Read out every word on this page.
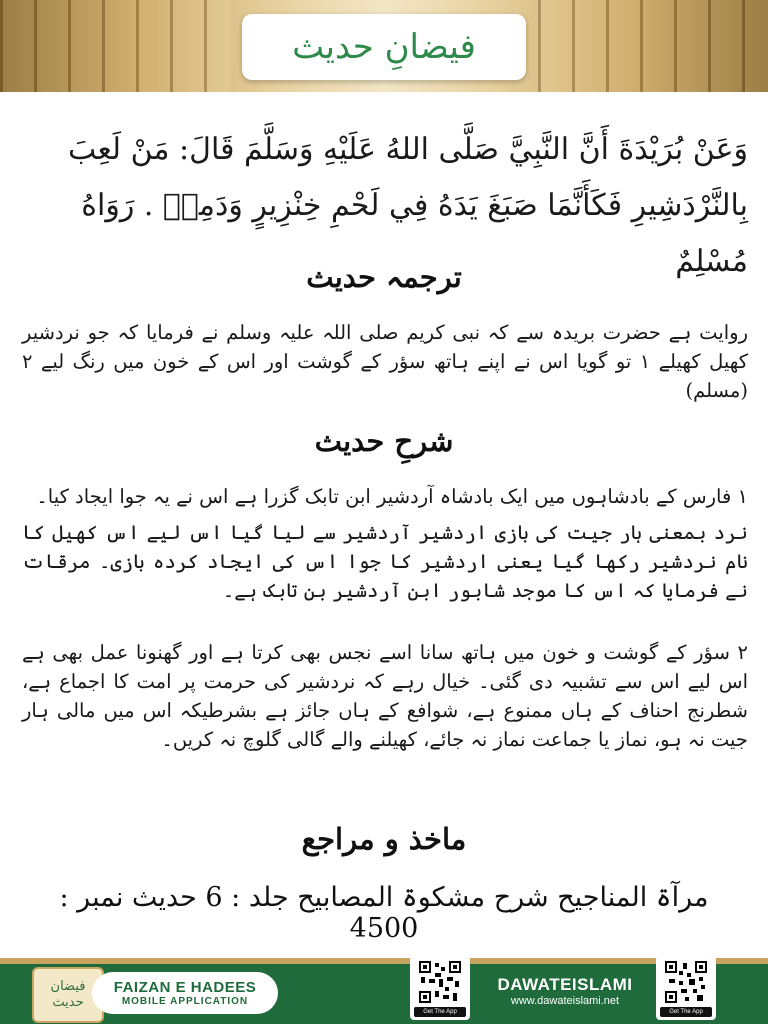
فیضانِ حدیث

وَعَنْ بُرَيْدَةَ أَنَّ النَّبِيَّ صَلَّى اللهُ عَلَيْهِ وَسَلَّمَ قَالَ: مَنْ لَعِبَ بِالنَّرْدَشِيرِ فَكَأَنَّمَا صَبَغَ يَدَهُ فِي لَحْمِ خِنْزِيرٍ وَدَمِهٖ . رَوَاهُ مُسْلِمٌ

ترجمہ حدیث

روایت ہے حضرت بریدہ سے کہ نبی کریم صلی اللہ علیہ وسلم نے فرمایا کہ جو نردشیر کھیل کھیلے ۱ تو گویا اس نے اپنے ہاتھ سؤر کے گوشت اور اس کے خون میں رنگ لیے ۲ (مسلم)

شرحِ حدیث

۱ فارس کے بادشاہوں میں ایک بادشاہ آردشیر ابن تابک گزرا ہے اس نے یہ جوا ایجاد کیا۔

نرد بمعنی ہار جیت کی بازی اردشیر آردشیر سے لیا گیا اس لیے اس کھیل کا نام نردشیر رکھا گیا یعنی اردشیر کا جوا اس کی ایجاد کردہ بازی۔ مرقات نے فرمایا کہ اس کا موجد شابور ابن آردشیر بن تابک ہے۔

۲ سؤر کے گوشت و خون میں ہاتھ سانا اسے نجس بھی کرتا ہے اور گھنونا عمل بھی ہے اس لیے اس سے تشبیہ دی گئی۔ خیال رہے کہ نردشیر کی حرمت پر امت کا اجماع ہے، شطرنج احناف کے ہاں ممنوع ہے، شوافع کے ہاں جائز ہے بشرطیکہ اس میں مالی ہار جیت نہ ہو، نماز یا جماعت نماز نہ جائے، کھیلنے والے گالی گلوچ نہ کریں۔

ماخذ و مراجع

مرآۃ المناجیح شرح مشکوۃ المصابیح جلد : 6 حدیث نمبر : 4500

فیضان حدیث
FAIZAN E HADEES
MOBILE APPLICATION
Get The App
DAWATEISLAMI
www.dawateislami.net
Get The App
